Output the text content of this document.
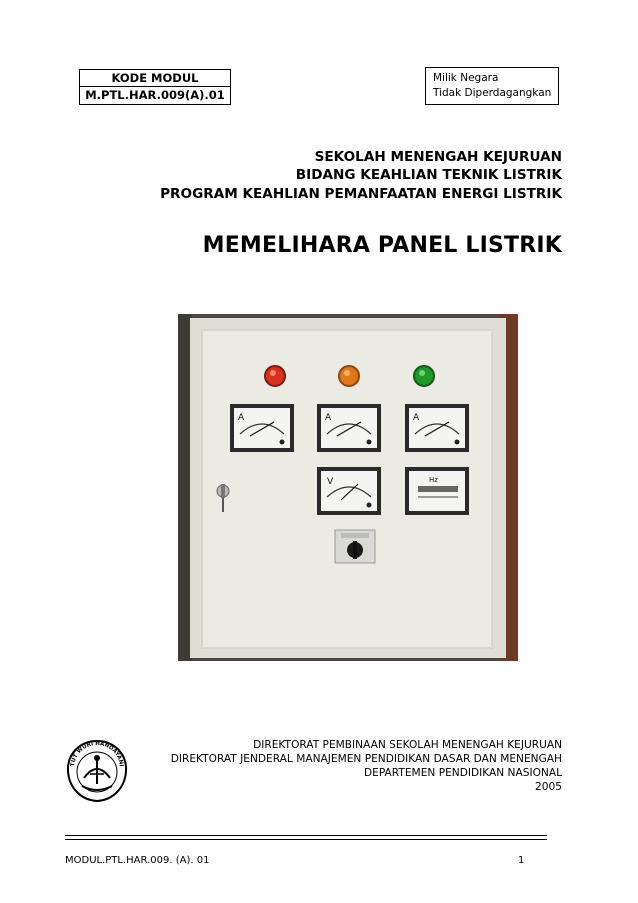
KODE MODUL
M.PTL.HAR.009(A).01
Milik Negara
Tidak Diperdagangkan
SEKOLAH MENENGAH KEJURUAN
BIDANG KEAHLIAN TEKNIK LISTRIK
PROGRAM KEAHLIAN PEMANFAATAN ENERGI LISTRIK
MEMELIHARA PANEL LISTRIK
A	A	A
V	Hz
TUT WURI HANDAYANI
DIREKTORAT PEMBINAAN SEKOLAH MENENGAH KEJURUAN
DIREKTORAT JENDERAL MANAJEMEN PENDIDIKAN DASAR DAN MENENGAH
DEPARTEMEN PENDIDIKAN NASIONAL
2005
MODUL.PTL.HAR.009. (A). 01	1
